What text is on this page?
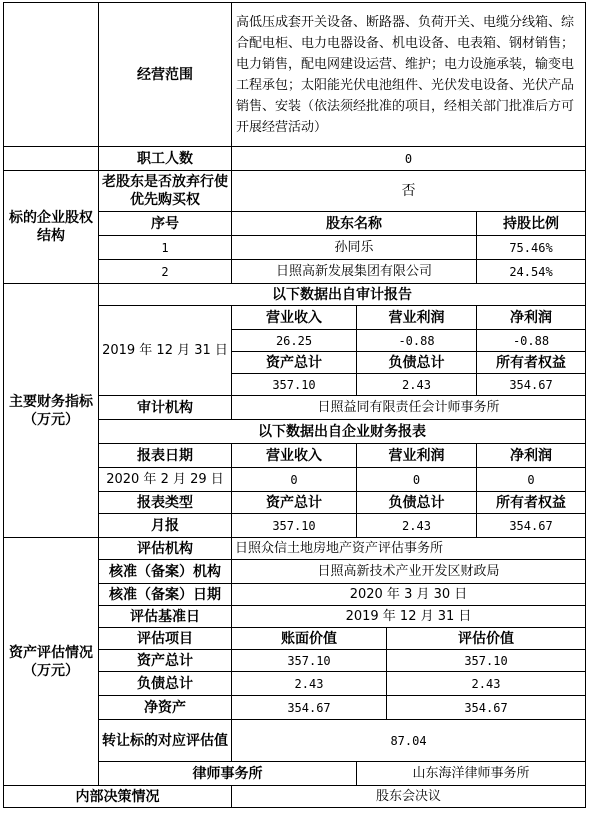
	经营范围	高低压成套开关设备、断路器、负荷开关、电缆分线箱、综合配电柜、电力电器设备、机电设备、电表箱、钢材销售；电力销售，配电网建设运营、维护；电力设施承装，输变电工程承包；太阳能光伏电池组件、光伏发电设备、光伏产品销售、安装（依法须经批准的项目，经相关部门批准后方可开展经营活动）			
	职工人数	0			
标的企业股权结构	老股东是否放弃行使优先购买权	否			
	序号	股东名称			持股比例
	1	孙同乐			75.46%
	2	日照高新发展集团有限公司			24.54%
主要财务指标（万元）	以下数据出自审计报告				
	2019 年 12 月 31 日	营业收入	营业利润		净利润
		26.25	-0.88		-0.88
		资产总计	负债总计		所有者权益
		357.10	2.43		354.67
	审计机构	日照益同有限责任会计师事务所			
	以下数据出自企业财务报表				
	报表日期	营业收入	营业利润		净利润
	2020 年 2 月 29 日	0	0		0
	报表类型	资产总计	负债总计		所有者权益
	月报	357.10	2.43		354.67
资产评估情况（万元）	评估机构	日照众信土地房地产资产评估事务所			
	核准（备案）机构	日照高新技术产业开发区财政局			
	核准（备案）日期	2020 年 3 月 30 日			
	评估基准日	2019 年 12 月 31 日			
	评估项目	账面价值		评估价值	
	资产总计	357.10		357.10	
	负债总计	2.43		2.43	
	净资产	354.67		354.67	
	转让标的对应评估值	87.04			
	律师事务所		山东海洋律师事务所		
内部决策情况		股东会决议			
